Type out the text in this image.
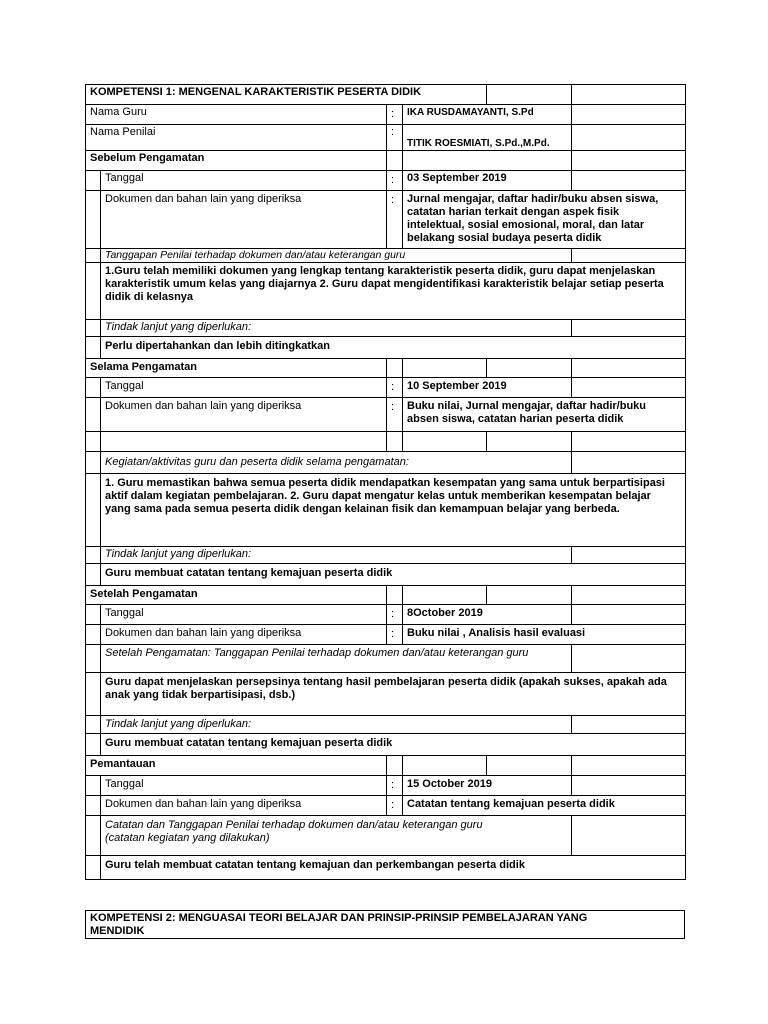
KOMPETENSI 1: MENGENAL KARAKTERISTIK PESERTA DIDIK					
Nama Guru		:	IKA RUSDAMAYANTI, S.Pd		
Nama Penilai		:	TITIK ROESMIATI, S.Pd.,M.Pd.		
Sebelum Pengamatan					
	Tanggal	:	03 September 2019		
	Dokumen dan bahan lain yang diperiksa	:	Jurnal mengajar, daftar hadir/buku absen siswa, catatan harian terkait dengan aspek fisik intelektual, sosial emosional, moral, dan latar belakang sosial budaya peserta didik		
	Tanggapan Penilai terhadap dokumen dan/atau keterangan guru				
	1.Guru telah memiliki dokumen yang lengkap tentang karakteristik peserta didik, guru dapat menjelaskan karakteristik umum kelas yang diajarnya 2. Guru dapat mengidentifikasi karakteristik belajar setiap peserta didik di kelasnya				
	Tindak lanjut yang diperlukan:				
	Perlu dipertahankan dan lebih ditingkatkan				
Selama Pengamatan					
	Tanggal	:	10 September 2019		
	Dokumen dan bahan lain yang diperiksa	:	Buku nilai, Jurnal mengajar, daftar hadir/buku absen siswa, catatan harian peserta didik		

	Kegiatan/aktivitas guru dan peserta didik selama pengamatan:				
	1. Guru memastikan bahwa semua peserta didik mendapatkan kesempatan yang sama untuk berpartisipasi aktif dalam kegiatan pembelajaran. 2. Guru dapat mengatur kelas untuk memberikan kesempatan belajar yang sama pada semua peserta didik dengan kelainan fisik dan kemampuan belajar yang berbeda.				
	Tindak lanjut yang diperlukan:				
	Guru membuat catatan tentang kemajuan peserta didik				
Setelah Pengamatan					
	Tanggal	:	8October 2019		
	Dokumen dan bahan lain yang diperiksa	:	Buku nilai , Analisis hasil evaluasi		
	Setelah Pengamatan: Tanggapan Penilai terhadap dokumen dan/atau keterangan guru				
	Guru dapat menjelaskan persepsinya tentang hasil pembelajaran peserta didik (apakah sukses, apakah ada anak yang tidak berpartisipasi, dsb.)				
	Tindak lanjut yang diperlukan:				
	Guru membuat catatan tentang kemajuan peserta didik				
Pemantauan					
	Tanggal	:	15 October 2019		
	Dokumen dan bahan lain yang diperiksa	:	Catatan tentang kemajuan peserta didik		

	Catatan dan Tanggapan Penilai terhadap dokumen dan/atau keterangan guru
(catatan kegiatan yang dilakukan)				

	Guru telah membuat catatan tentang kemajuan dan perkembangan peserta didik				
KOMPETENSI 2: MENGUASAI TEORI BELAJAR DAN PRINSIP-PRINSIP PEMBELAJARAN YANG MENDIDIK
